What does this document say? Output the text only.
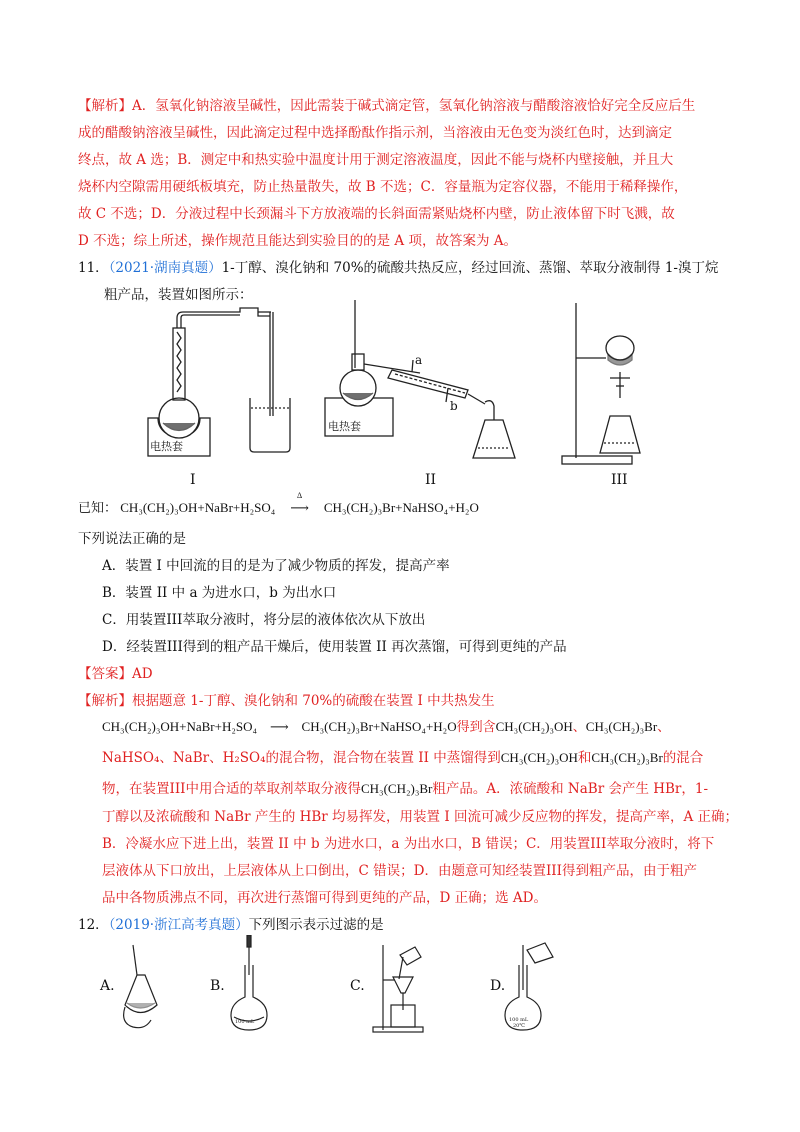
【解析】A．氢氧化钠溶液呈碱性，因此需装于碱式滴定管，氢氧化钠溶液与醋酸溶液恰好完全反应后生
成的醋酸钠溶液呈碱性，因此滴定过程中选择酚酞作指示剂，当溶液由无色变为淡红色时，达到滴定
终点，故 A 选；B．测定中和热实验中温度计用于测定溶液温度，因此不能与烧杯内壁接触，并且大
烧杯内空隙需用硬纸板填充，防止热量散失，故 B 不选；C．容量瓶为定容仪器，不能用于稀释操作，
故 C 不选；D．分液过程中长颈漏斗下方放液端的长斜面需紧贴烧杯内壁，防止液体留下时飞溅，故
D 不选；综上所述，操作规范且能达到实验目的的是 A 项，故答案为 A。
11．（2021·湖南真题）1-丁醇、溴化钠和 70%的硫酸共热反应，经过回流、蒸馏、萃取分液制得 1-溴丁烷
粗产品，装置如图所示：
电热套
I
a
b
电热套
II	III
已知： CH₃(CH₂)₃OH+NaBr+H₂SO₄
Δ
⟶ CH₃(CH₂)₃Br+NaHSO₄+H₂O
下列说法正确的是
A．装置 I 中回流的目的是为了减少物质的挥发，提高产率
B．装置 II 中 a 为进水口，b 为出水口
C．用装置III萃取分液时，将分层的液体依次从下放出
D．经装置III得到的粗产品干燥后，使用装置 II 再次蒸馏，可得到更纯的产品
【答案】AD
【解析】根据题意 1-丁醇、溴化钠和 70%的硫酸在装置 I 中共热发生
CH₃(CH₂)₃OH+NaBr+H₂SO₄ ⟶ CH₃(CH₂)₃Br+NaHSO₄+H₂O得到含CH₃(CH₂)₃OH、CH₃(CH₂)₃Br、
NaHSO₄、NaBr、H₂SO₄的混合物，混合物在装置 II 中蒸馏得到CH₃(CH₂)₃OH和CH₃(CH₂)₃Br的混合
物，在装置III中用合适的萃取剂萃取分液得CH₃(CH₂)₃Br粗产品。A．浓硫酸和 NaBr 会产生 HBr，1-
丁醇以及浓硫酸和 NaBr 产生的 HBr 均易挥发，用装置 I 回流可减少反应物的挥发，提高产率，A 正确；
B．冷凝水应下进上出，装置 II 中 b 为进水口，a 为出水口，B 错误；C．用装置III萃取分液时，将下
层液体从下口放出，上层液体从上口倒出，C 错误；D．由题意可知经装置III得到粗产品，由于粗产
品中各物质沸点不同，再次进行蒸馏可得到更纯的产品，D 正确；选 AD。
12．（2019·浙江高考真题）下列图示表示过滤的是
A.	B.
100 mL
C.	D.
100 mL
20℃
